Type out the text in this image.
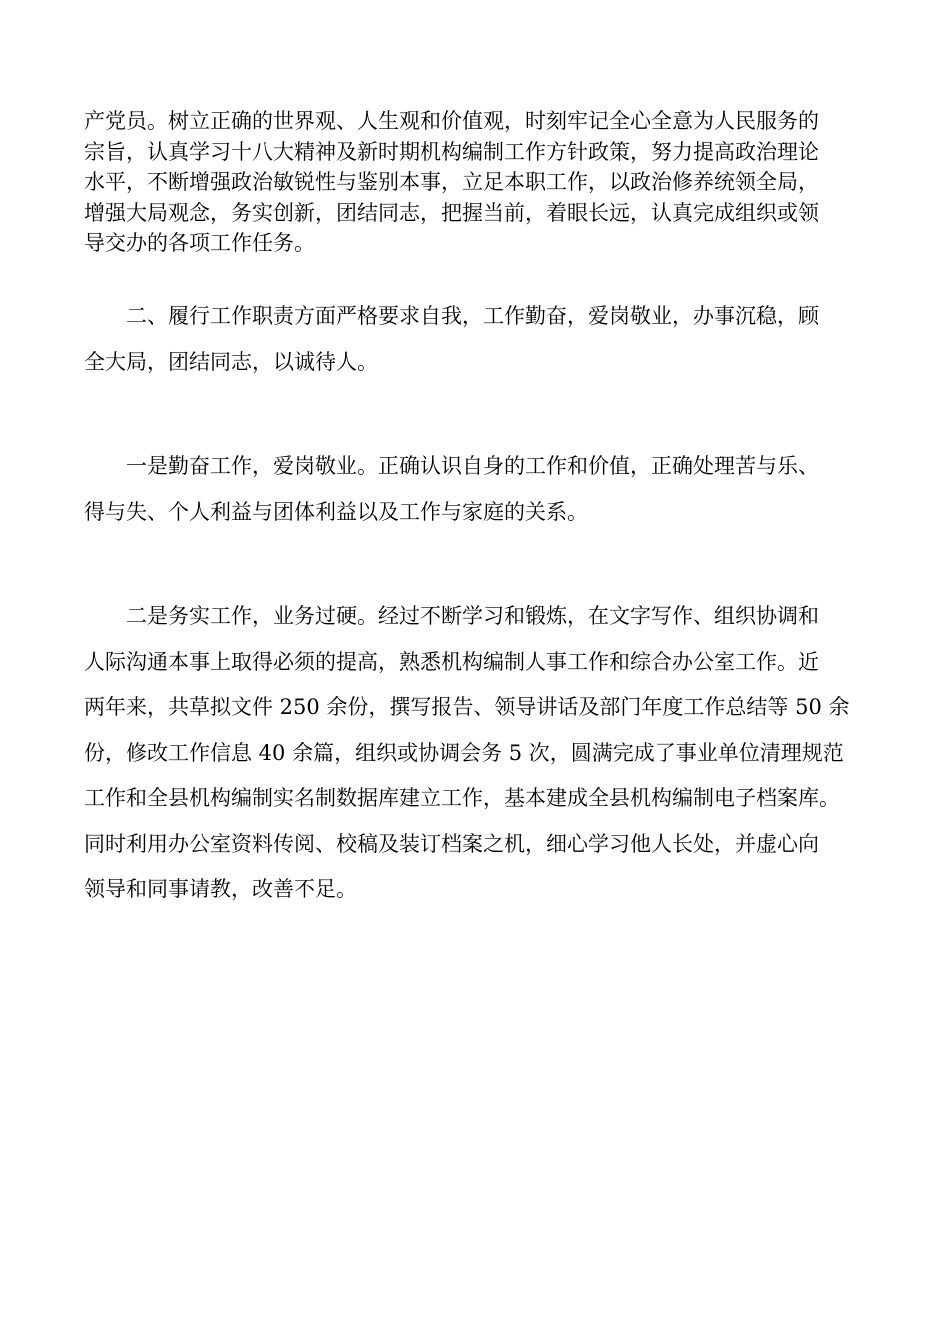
产党员。树立正确的世界观、人生观和价值观，时刻牢记全心全意为人民服务的
宗旨，认真学习十八大精神及新时期机构编制工作方针政策，努力提高政治理论
水平，不断增强政治敏锐性与鉴别本事，立足本职工作，以政治修养统领全局，
增强大局观念，务实创新，团结同志，把握当前，着眼长远，认真完成组织或领
导交办的各项工作任务。
二、履行工作职责方面严格要求自我，工作勤奋，爱岗敬业，办事沉稳，顾
全大局，团结同志，以诚待人。
一是勤奋工作，爱岗敬业。正确认识自身的工作和价值，正确处理苦与乐、
得与失、个人利益与团体利益以及工作与家庭的关系。
二是务实工作，业务过硬。经过不断学习和锻炼，在文字写作、组织协调和
人际沟通本事上取得必须的提高，熟悉机构编制人事工作和综合办公室工作。近
两年来，共草拟文件 250 余份，撰写报告、领导讲话及部门年度工作总结等 50 余
份，修改工作信息 40 余篇，组织或协调会务 5 次，圆满完成了事业单位清理规范
工作和全县机构编制实名制数据库建立工作，基本建成全县机构编制电子档案库。
同时利用办公室资料传阅、校稿及装订档案之机，细心学习他人长处，并虚心向
领导和同事请教，改善不足。
